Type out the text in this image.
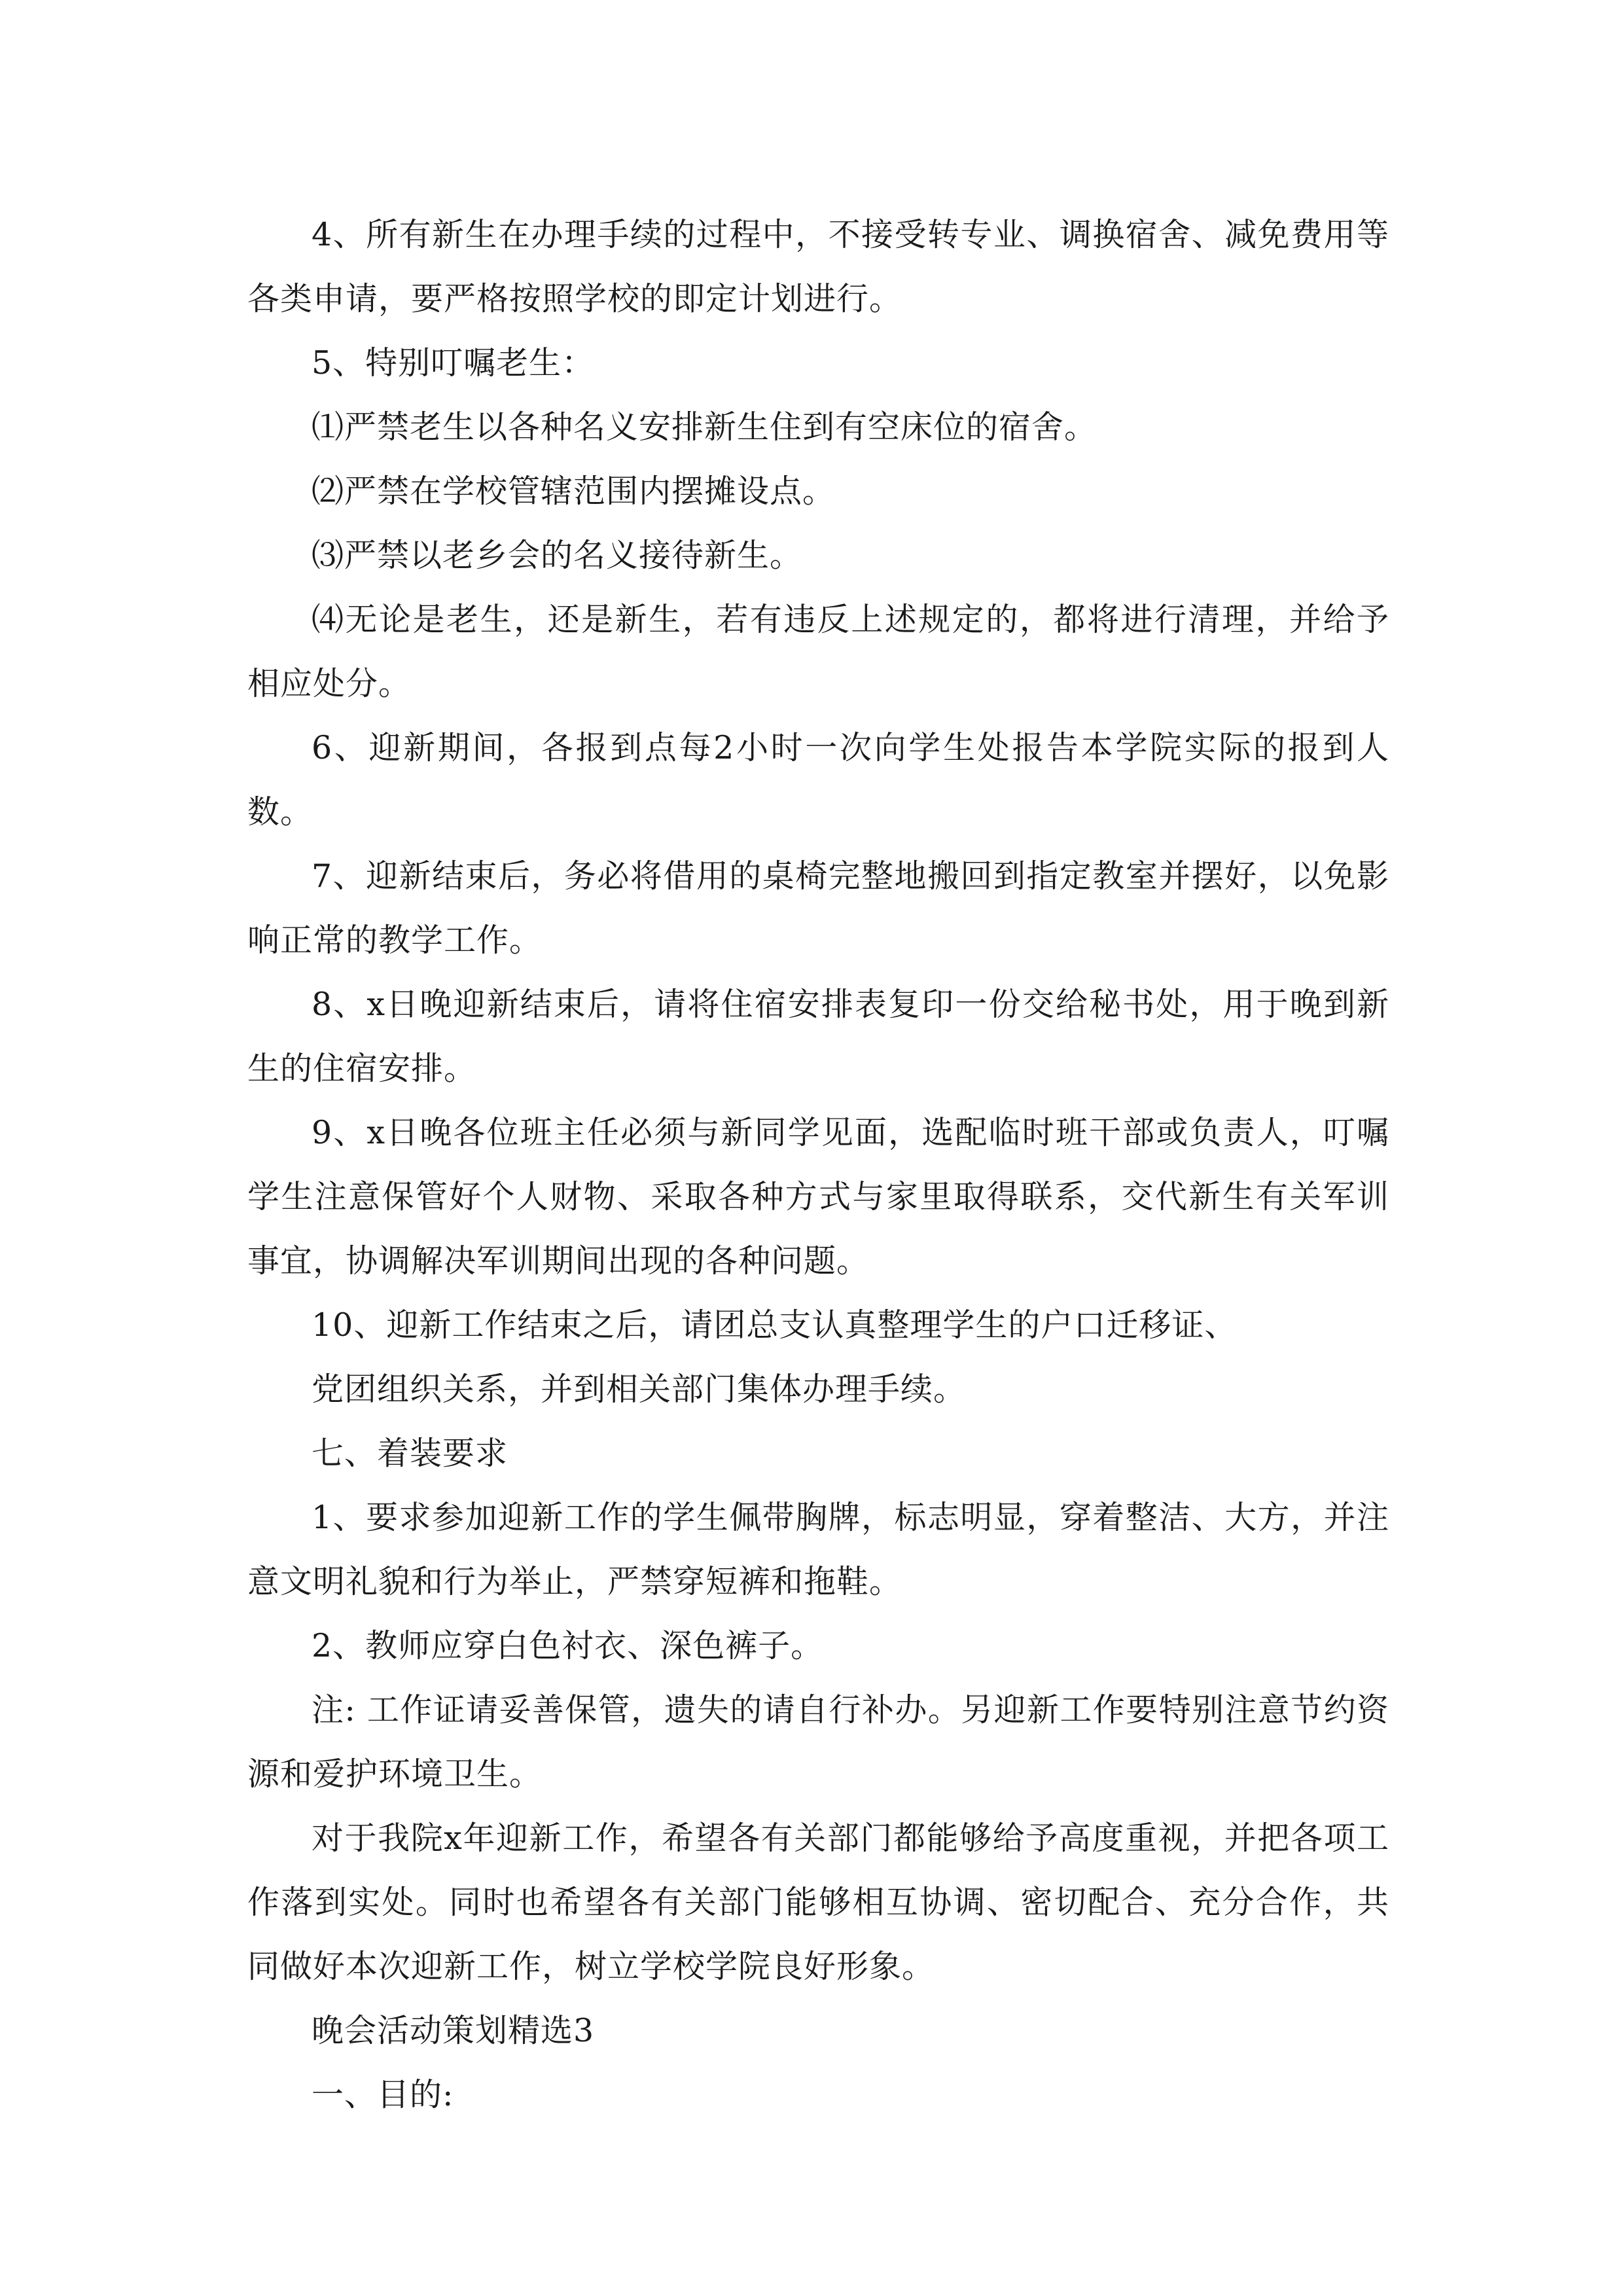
4、所有新生在办理手续的过程中，不接受转专业、调换宿舍、减免费用等各类申请，要严格按照学校的即定计划进行。

5、特别叮嘱老生：

⑴严禁老生以各种名义安排新生住到有空床位的宿舍。

⑵严禁在学校管辖范围内摆摊设点。

⑶严禁以老乡会的名义接待新生。

⑷无论是老生，还是新生，若有违反上述规定的，都将进行清理，并给予相应处分。

6、迎新期间，各报到点每2小时一次向学生处报告本学院实际的报到人数。

7、迎新结束后，务必将借用的桌椅完整地搬回到指定教室并摆好，以免影响正常的教学工作。

8、x日晚迎新结束后，请将住宿安排表复印一份交给秘书处，用于晚到新生的住宿安排。

9、x日晚各位班主任必须与新同学见面，选配临时班干部或负责人，叮嘱学生注意保管好个人财物、采取各种方式与家里取得联系，交代新生有关军训事宜，协调解决军训期间出现的各种问题。

10、迎新工作结束之后，请团总支认真整理学生的户口迁移证、

党团组织关系，并到相关部门集体办理手续。

七、着装要求

1、要求参加迎新工作的学生佩带胸牌，标志明显，穿着整洁、大方，并注意文明礼貌和行为举止，严禁穿短裤和拖鞋。

2、教师应穿白色衬衣、深色裤子。

注: 工作证请妥善保管，遗失的请自行补办。另迎新工作要特别注意节约资源和爱护环境卫生。

对于我院x年迎新工作，希望各有关部门都能够给予高度重视，并把各项工作落到实处。同时也希望各有关部门能够相互协调、密切配合、充分合作，共同做好本次迎新工作，树立学校学院良好形象。

晚会活动策划精选3

一、目的:
